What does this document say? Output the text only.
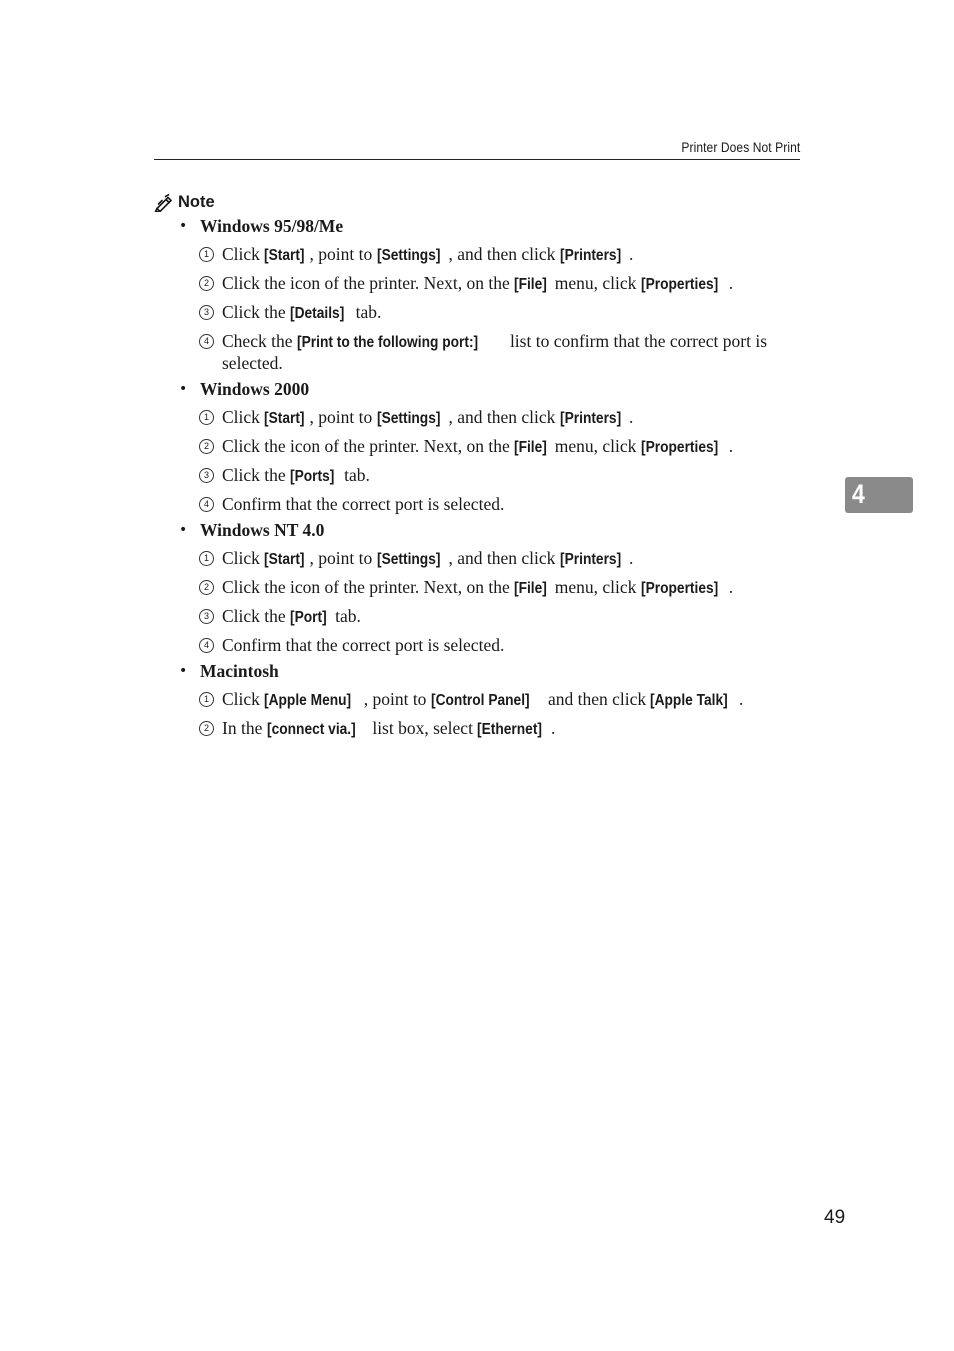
Printer Does Not Print
Note
• Windows 95/98/Me
1 Click [Start] , point to [Settings] , and then click [Printers] .
2 Click the icon of the printer. Next, on the [File] menu, click [Properties] .
3 Click the [Details] tab.
4 Check the [Print to the following port:] list to confirm that the correct port is selected.
• Windows 2000
1 Click [Start] , point to [Settings] , and then click [Printers] .
2 Click the icon of the printer. Next, on the [File] menu, click [Properties] .
3 Click the [Ports] tab.
4 Confirm that the correct port is selected.
• Windows NT 4.0
1 Click [Start] , point to [Settings] , and then click [Printers] .
2 Click the icon of the printer. Next, on the [File] menu, click [Properties] .
3 Click the [Port] tab.
4 Confirm that the correct port is selected.
• Macintosh
1 Click [Apple Menu] , point to [Control Panel] and then click [Apple Talk] .
2 In the [connect via.] list box, select [Ethernet] .
4
49
